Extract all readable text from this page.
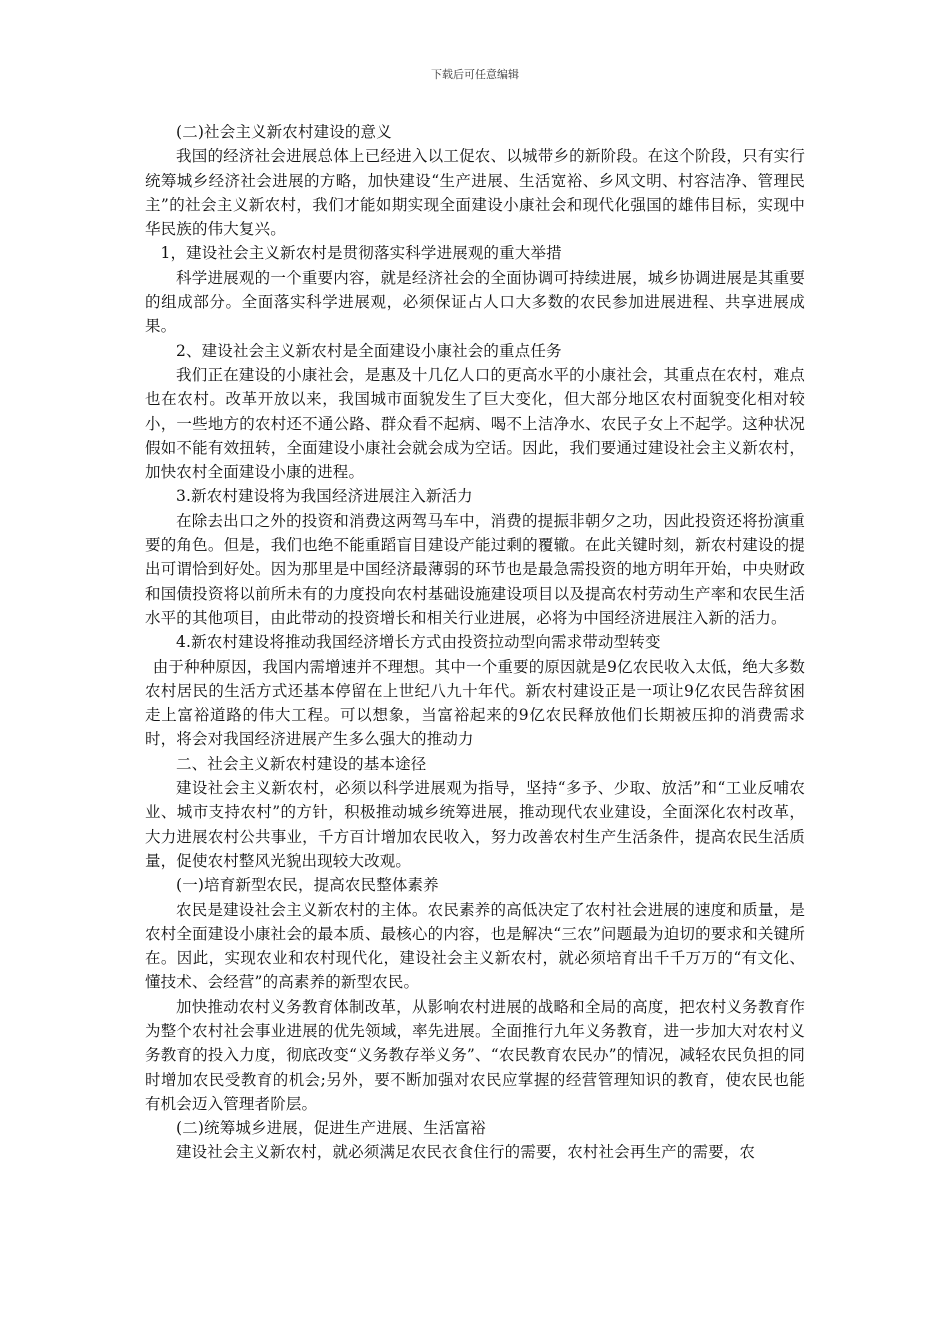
下载后可任意编辑

(二)社会主义新农村建设的意义

我国的经济社会进展总体上已经进入以工促农、以城带乡的新阶段。在这个阶段，只有实行统筹城乡经济社会进展的方略，加快建设“生产进展、生活宽裕、乡风文明、村容洁净、管理民主”的社会主义新农村，我们才能如期实现全面建设小康社会和现代化强国的雄伟目标，实现中华民族的伟大复兴。

1，建设社会主义新农村是贯彻落实科学进展观的重大举措

科学进展观的一个重要内容，就是经济社会的全面协调可持续进展，城乡协调进展是其重要的组成部分。全面落实科学进展观，必须保证占人口大多数的农民参加进展进程、共享进展成果。

2、建设社会主义新农村是全面建设小康社会的重点任务

我们正在建设的小康社会，是惠及十几亿人口的更高水平的小康社会，其重点在农村，难点也在农村。改革开放以来，我国城市面貌发生了巨大变化，但大部分地区农村面貌变化相对较小，一些地方的农村还不通公路、群众看不起病、喝不上洁净水、农民子女上不起学。这种状况假如不能有效扭转，全面建设小康社会就会成为空话。因此，我们要通过建设社会主义新农村，加快农村全面建设小康的进程。

3.新农村建设将为我国经济进展注入新活力

在除去出口之外的投资和消费这两驾马车中，消费的提振非朝夕之功，因此投资还将扮演重要的角色。但是，我们也绝不能重蹈盲目建设产能过剩的覆辙。在此关键时刻，新农村建设的提出可谓恰到好处。因为那里是中国经济最薄弱的环节也是最急需投资的地方明年开始，中央财政和国债投资将以前所未有的力度投向农村基础设施建设项目以及提高农村劳动生产率和农民生活水平的其他项目，由此带动的投资增长和相关行业进展，必将为中国经济进展注入新的活力。

4.新农村建设将推动我国经济增长方式由投资拉动型向需求带动型转变

由于种种原因，我国内需增速并不理想。其中一个重要的原因就是9亿农民收入太低，绝大多数农村居民的生活方式还基本停留在上世纪八九十年代。新农村建设正是一项让9亿农民告辞贫困走上富裕道路的伟大工程。可以想象，当富裕起来的9亿农民释放他们长期被压抑的消费需求时，将会对我国经济进展产生多么强大的推动力

二、社会主义新农村建设的基本途径

建设社会主义新农村，必须以科学进展观为指导，坚持“多予、少取、放活”和“工业反哺农业、城市支持农村”的方针，积极推动城乡统筹进展，推动现代农业建设，全面深化农村改革，大力进展农村公共事业，千方百计增加农民收入，努力改善农村生产生活条件，提高农民生活质量，促使农村整风光貌出现较大改观。

(一)培育新型农民，提高农民整体素养

农民是建设社会主义新农村的主体。农民素养的高低决定了农村社会进展的速度和质量，是农村全面建设小康社会的最本质、最核心的内容，也是解决“三农”问题最为迫切的要求和关键所在。因此，实现农业和农村现代化，建设社会主义新农村，就必须培育出千千万万的“有文化、懂技术、会经营”的高素养的新型农民。

加快推动农村义务教育体制改革，从影响农村进展的战略和全局的高度，把农村义务教育作为整个农村社会事业进展的优先领域，率先进展。全面推行九年义务教育，进一步加大对农村义务教育的投入力度，彻底改变“义务教存举义务”、“农民教育农民办”的情况，减轻农民负担的同时增加农民受教育的机会;另外，要不断加强对农民应掌握的经营管理知识的教育，使农民也能有机会迈入管理者阶层。

(二)统筹城乡进展，促进生产进展、生活富裕

建设社会主义新农村，就必须满足农民衣食住行的需要，农村社会再生产的需要，农
